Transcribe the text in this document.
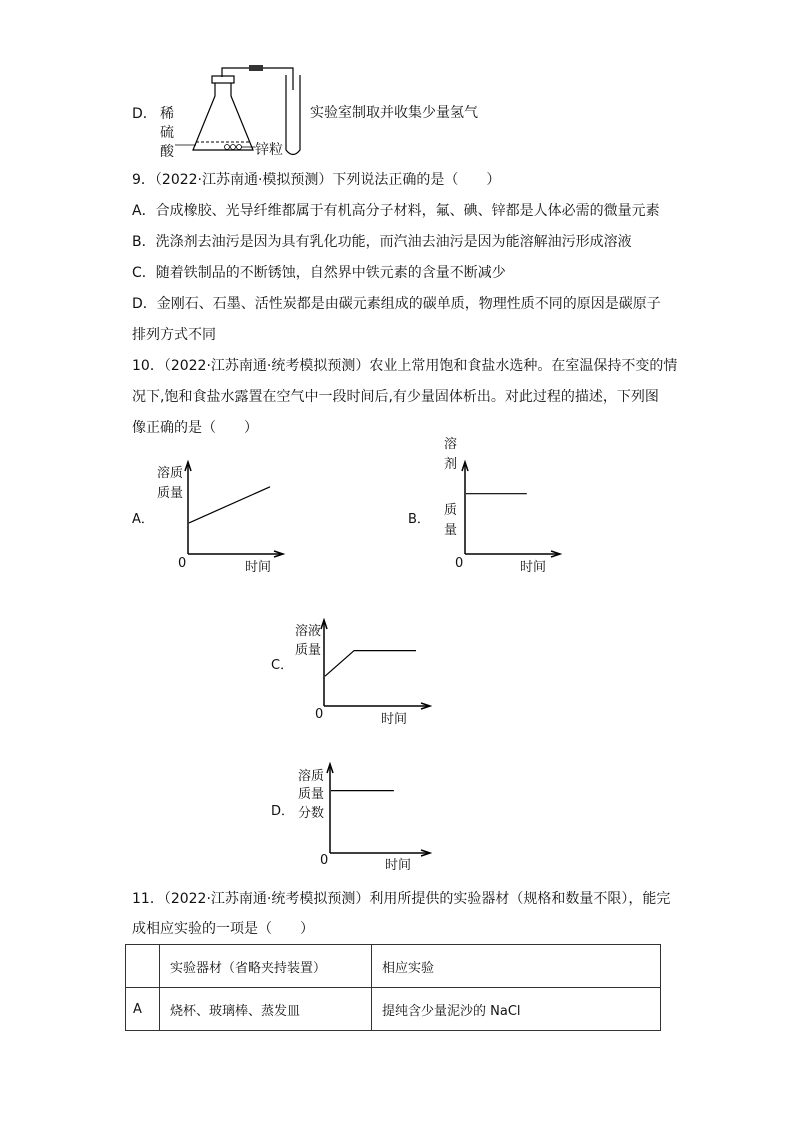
D． 稀
硫
酸
实验室制取并收集少量氢气
锌粒
9．（2022·江苏南通·模拟预测）下列说法正确的是（　　）
A．合成橡胶、光导纤维都属于有机高分子材料，氟、碘、锌都是人体必需的微量元素
B．洗涤剂去油污是因为具有乳化功能，而汽油去油污是因为能溶解油污形成溶液
C．随着铁制品的不断锈蚀，自然界中铁元素的含量不断减少
D．金刚石、石墨、活性炭都是由碳元素组成的碳单质，物理性质不同的原因是碳原子
排列方式不同
10．（2022·江苏南通·统考模拟预测）农业上常用饱和食盐水选种。在室温保持不变的情
况下,饱和食盐水露置在空气中一段时间后,有少量固体析出。对此过程的描述，下列图
像正确的是（　　）
A．
溶质
质量
0	时间
B．
溶
剂
质
量
0	时间
C．
溶液
质量
0	时间
D．
溶质
质量
分数
0	时间
11．（2022·江苏南通·统考模拟预测）利用所提供的实验器材（规格和数量不限），能完
成相应实验的一项是（　　）
	实验器材（省略夹持装置）	相应实验
A	烧杯、玻璃棒、蒸发皿	提纯含少量泥沙的 NaCl
